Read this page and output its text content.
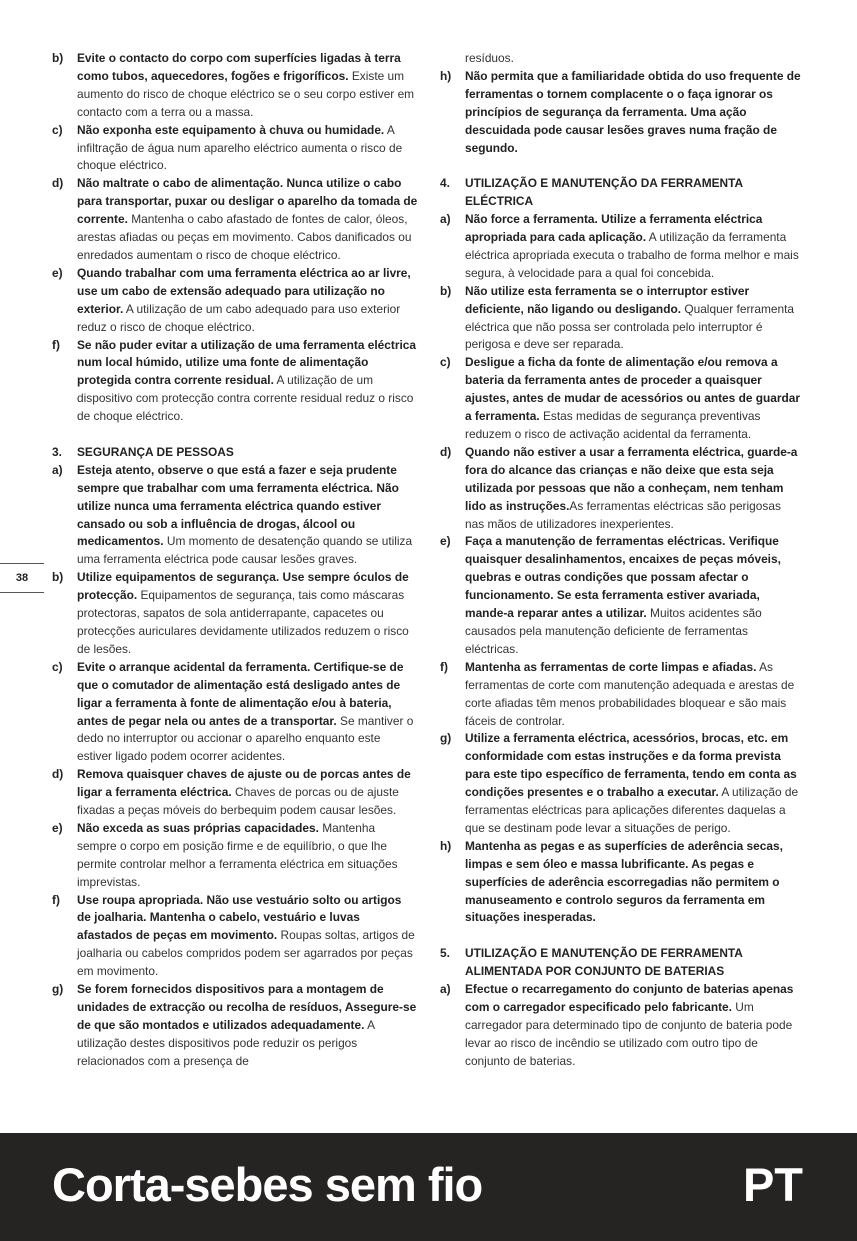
b)	Evite o contacto do corpo com superfícies ligadas à terra como tubos, aquecedores, fogões e frigoríficos. Existe um aumento do risco de choque eléctrico se o seu corpo estiver em contacto com a terra ou a massa.
c)	Não exponha este equipamento à chuva ou humidade. A infiltração de água num aparelho eléctrico aumenta o risco de choque eléctrico.
d)	Não maltrate o cabo de alimentação. Nunca utilize o cabo para transportar, puxar ou desligar o aparelho da tomada de corrente. Mantenha o cabo afastado de fontes de calor, óleos, arestas afiadas ou peças em movimento. Cabos danificados ou enredados aumentam o risco de choque eléctrico.
e)	Quando trabalhar com uma ferramenta eléctrica ao ar livre, use um cabo de extensão adequado para utilização no exterior. A utilização de um cabo adequado para uso exterior reduz o risco de choque eléctrico.
f)	Se não puder evitar a utilização de uma ferramenta eléctrica num local húmido, utilize uma fonte de alimentação protegida contra corrente residual. A utilização de um dispositivo com protecção contra corrente residual reduz o risco de choque eléctrico.
3.	SEGURANÇA DE PESSOAS
a)	Esteja atento, observe o que está a fazer e seja prudente sempre que trabalhar com uma ferramenta eléctrica. Não utilize nunca uma ferramenta eléctrica quando estiver cansado ou sob a influência de drogas, álcool ou medicamentos. Um momento de desatenção quando se utiliza uma ferramenta eléctrica pode causar lesões graves.
b)	Utilize equipamentos de segurança. Use sempre óculos de protecção. Equipamentos de segurança, tais como máscaras protectoras, sapatos de sola antiderrapante, capacetes ou protecções auriculares devidamente utilizados reduzem o risco de lesões.
c)	Evite o arranque acidental da ferramenta. Certifique-se de que o comutador de alimentação está desligado antes de ligar a ferramenta à fonte de alimentação e/ou à bateria, antes de pegar nela ou antes de a transportar. Se mantiver o dedo no interruptor ou accionar o aparelho enquanto este estiver ligado podem ocorrer acidentes.
d)	Remova quaisquer chaves de ajuste ou de porcas antes de ligar a ferramenta eléctrica. Chaves de porcas ou de ajuste fixadas a peças móveis do berbequim podem causar lesões.
e)	Não exceda as suas próprias capacidades. Mantenha sempre o corpo em posição firme e de equilíbrio, o que lhe permite controlar melhor a ferramenta eléctrica em situações imprevistas.
f)	Use roupa apropriada. Não use vestuário solto ou artigos de joalharia. Mantenha o cabelo, vestuário e luvas afastados de peças em movimento. Roupas soltas, artigos de joalharia ou cabelos compridos podem ser agarrados por peças em movimento.
g)	Se forem fornecidos dispositivos para a montagem de unidades de extracção ou recolha de resíduos, Assegure-se de que são montados e utilizados adequadamente. A utilização destes dispositivos pode reduzir os perigos relacionados com a presença de
resíduos.
h)	Não permita que a familiaridade obtida do uso frequente de ferramentas o tornem complacente o o faça ignorar os princípios de segurança da ferramenta. Uma ação descuidada pode causar lesões graves numa fração de segundo.
4.	UTILIZAÇÃO E MANUTENÇÃO DA FERRAMENTA ELÉCTRICA
a)	Não force a ferramenta. Utilize a ferramenta eléctrica apropriada para cada aplicação. A utilização da ferramenta eléctrica apropriada executa o trabalho de forma melhor e mais segura, à velocidade para a qual foi concebida.
b)	Não utilize esta ferramenta se o interruptor estiver deficiente, não ligando ou desligando. Qualquer ferramenta eléctrica que não possa ser controlada pelo interruptor é perigosa e deve ser reparada.
c)	Desligue a ficha da fonte de alimentação e/ou remova a bateria da ferramenta antes de proceder a quaisquer ajustes, antes de mudar de acessórios ou antes de guardar a ferramenta. Estas medidas de segurança preventivas reduzem o risco de activação acidental da ferramenta.
d)	Quando não estiver a usar a ferramenta eléctrica, guarde-a fora do alcance das crianças e não deixe que esta seja utilizada por pessoas que não a conheçam, nem tenham lido as instruções.As ferramentas eléctricas são perigosas nas mãos de utilizadores inexperientes.
e)	Faça a manutenção de ferramentas eléctricas. Verifique quaisquer desalinhamentos, encaixes de peças móveis, quebras e outras condições que possam afectar o funcionamento. Se esta ferramenta estiver avariada, mande-a reparar antes a utilizar. Muitos acidentes são causados pela manutenção deficiente de ferramentas eléctricas.
f)	Mantenha as ferramentas de corte limpas e afiadas. As ferramentas de corte com manutenção adequada e arestas de corte afiadas têm menos probabilidades bloquear e são mais fáceis de controlar.
g)	Utilize a ferramenta eléctrica, acessórios, brocas, etc. em conformidade com estas instruções e da forma prevista para este tipo específico de ferramenta, tendo em conta as condições presentes e o trabalho a executar. A utilização de ferramentas eléctricas para aplicações diferentes daquelas a que se destinam pode levar a situações de perigo.
h)	Mantenha as pegas e as superfícies de aderência secas, limpas e sem óleo e massa lubrificante. As pegas e superfícies de aderência escorregadias não permitem o manuseamento e controlo seguros da ferramenta em situações inesperadas.
5.	UTILIZAÇÃO E MANUTENÇÃO DE FERRAMENTA ALIMENTADA POR CONJUNTO DE BATERIAS
a)	Efectue o recarregamento do conjunto de baterias apenas com o carregador especificado pelo fabricante. Um carregador para determinado tipo de conjunto de bateria pode levar ao risco de incêndio se utilizado com outro tipo de conjunto de baterias.
38
Corta-sebes sem fio	PT
